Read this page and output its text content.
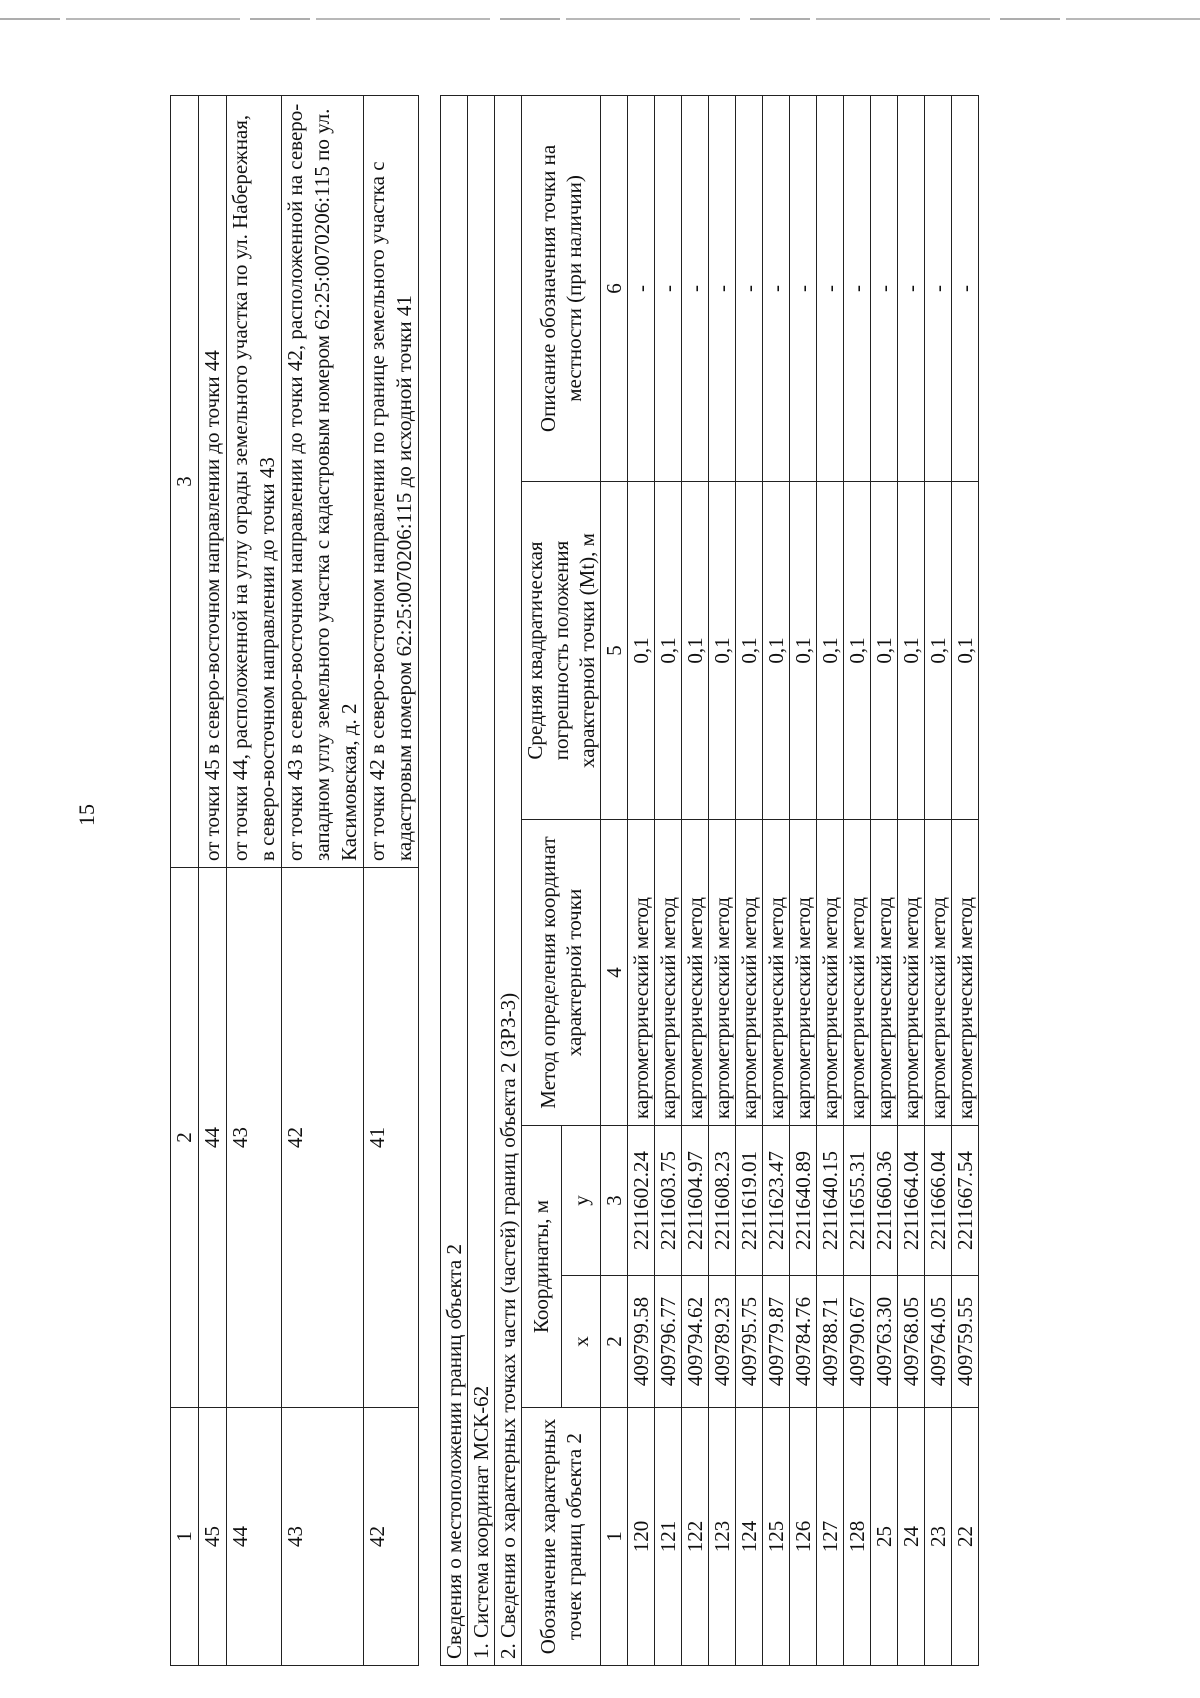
15
1	2	3
45	44	от точки 45 в северо-восточном направлении до точки 44
44	43	от точки 44, расположенной на углу ограды земельного участка по ул. Набережная, в северо-восточном направлении до точки 43
43	42	от точки 43 в северо-восточном направлении до точки 42, расположенной на северо-западном углу земельного участка с кадастровым номером 62:25:0070206:115 по ул. Касимовская, д. 2
42	41	от точки 42 в северо-восточном направлении по границе земельного участка с кадастровым номером 62:25:0070206:115 до исходной точки 41
Сведения о местоположении границ объекта 2					
1. Система координат МСК-62					
2. Сведения о характерных точках части (частей) границ объекта 2 (ЗРЗ-3)					
Обозначение характерных точек границ объекта 2	Координаты, м		Метод определения координат характерной точки	Средняя квадратическая погрешность положения характерной точки (Mt), м	Описание обозначения точки на местности (при наличии)
	x	y			
1	2	3	4	5	6
120	409799.58	2211602.24	картометрический метод	0,1	-
121	409796.77	2211603.75	картометрический метод	0,1	-
122	409794.62	2211604.97	картометрический метод	0,1	-
123	409789.23	2211608.23	картометрический метод	0,1	-
124	409795.75	2211619.01	картометрический метод	0,1	-
125	409779.87	2211623.47	картометрический метод	0,1	-
126	409784.76	2211640.89	картометрический метод	0,1	-
127	409788.71	2211640.15	картометрический метод	0,1	-
128	409790.67	2211655.31	картометрический метод	0,1	-
25	409763.30	2211660.36	картометрический метод	0,1	-
24	409768.05	2211664.04	картометрический метод	0,1	-
23	409764.05	2211666.04	картометрический метод	0,1	-
22	409759.55	2211667.54	картометрический метод	0,1	-
